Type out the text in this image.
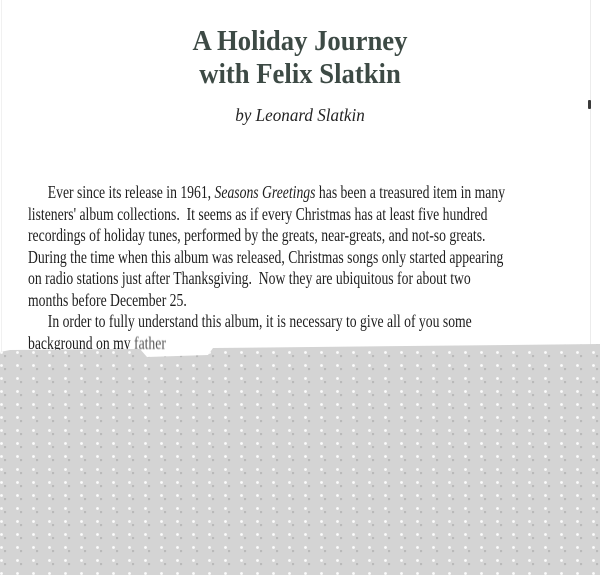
A Holiday Journey
with Felix Slatkin
by Leonard Slatkin
Ever since its release in 1961, Seasons Greetings has been a treasured item in many
listeners' album collections.  It seems as if every Christmas has at least five hundred
recordings of holiday tunes, performed by the greats, near-greats, and not-so greats.
During the time when this album was released, Christmas songs only started appearing
on radio stations just after Thanksgiving.  Now they are ubiquitous for about two
months before December 25.
In order to fully understand this album, it is necessary to give all of you some
background on my father
